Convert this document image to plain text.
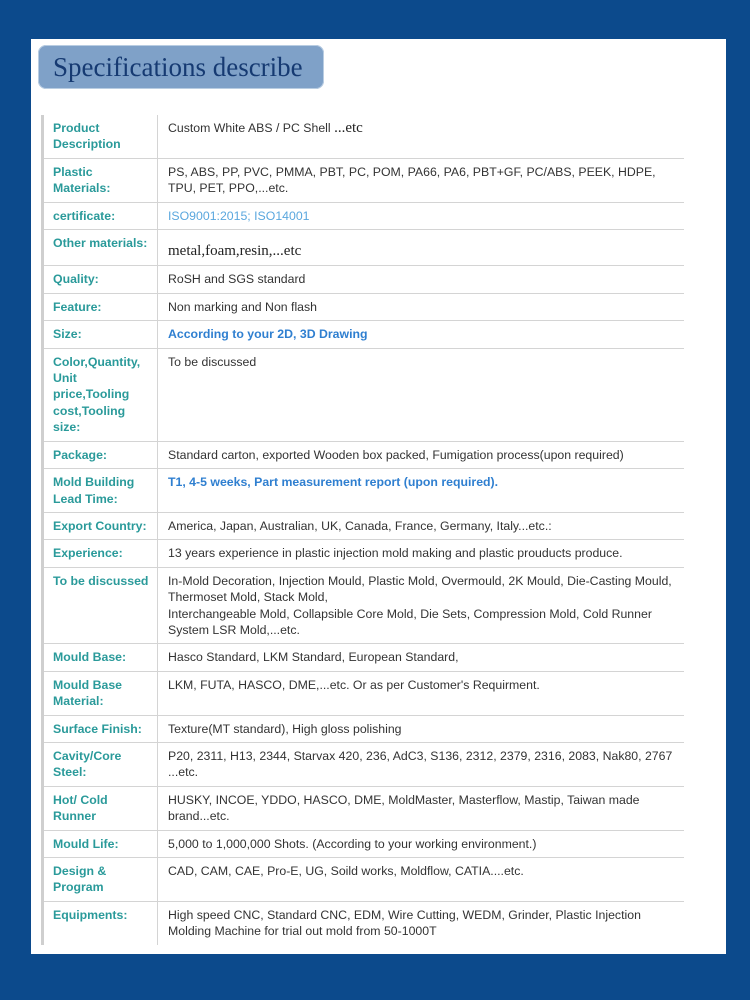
Specifications describe
Product Description	Custom White ABS / PC Shell ...etc
Plastic Materials:	PS, ABS, PP, PVC, PMMA, PBT, PC, POM, PA66, PA6, PBT+GF, PC/ABS, PEEK, HDPE, TPU, PET, PPO,...etc.
certificate:	ISO9001:2015; ISO14001
Other materials:	metal,foam,resin,...etc
Quality:	RoSH and SGS standard
Feature:	Non marking and Non flash
Size:	According to your 2D, 3D Drawing
Color,Quantity, Unit price,Tooling cost,Tooling size:	To be discussed
Package:	Standard carton, exported Wooden box packed, Fumigation process(upon required)
Mold Building Lead Time:	T1, 4-5 weeks, Part measurement report (upon required).
Export Country:	America, Japan, Australian, UK, Canada, France, Germany, Italy...etc.:
Experience:	13 years experience in plastic injection mold making and plastic prouducts produce.
To be discussed	In-Mold Decoration, Injection Mould, Plastic Mold, Overmould, 2K Mould, Die-Casting Mould, Thermoset Mold, Stack Mold,
Interchangeable Mold, Collapsible Core Mold, Die Sets, Compression Mold, Cold Runner System LSR Mold,...etc.
Mould Base:	Hasco Standard, LKM Standard, European Standard,
Mould Base Material:	LKM, FUTA, HASCO, DME,...etc. Or as per Customer's Requirment.
Surface Finish:	Texture(MT standard), High gloss polishing
Cavity/Core Steel:	P20, 2311, H13, 2344, Starvax 420, 236, AdC3, S136, 2312, 2379, 2316, 2083, Nak80, 2767 ...etc.
Hot/ Cold Runner	HUSKY, INCOE, YDDO, HASCO, DME, MoldMaster, Masterflow, Mastip, Taiwan made brand...etc.
Mould Life:	5,000 to 1,000,000 Shots. (According to your working environment.)
Design & Program	CAD, CAM, CAE, Pro-E, UG, Soild works, Moldflow, CATIA....etc.
Equipments:	High speed CNC, Standard CNC, EDM, Wire Cutting, WEDM, Grinder, Plastic Injection Molding Machine for trial out mold from 50-1000T
